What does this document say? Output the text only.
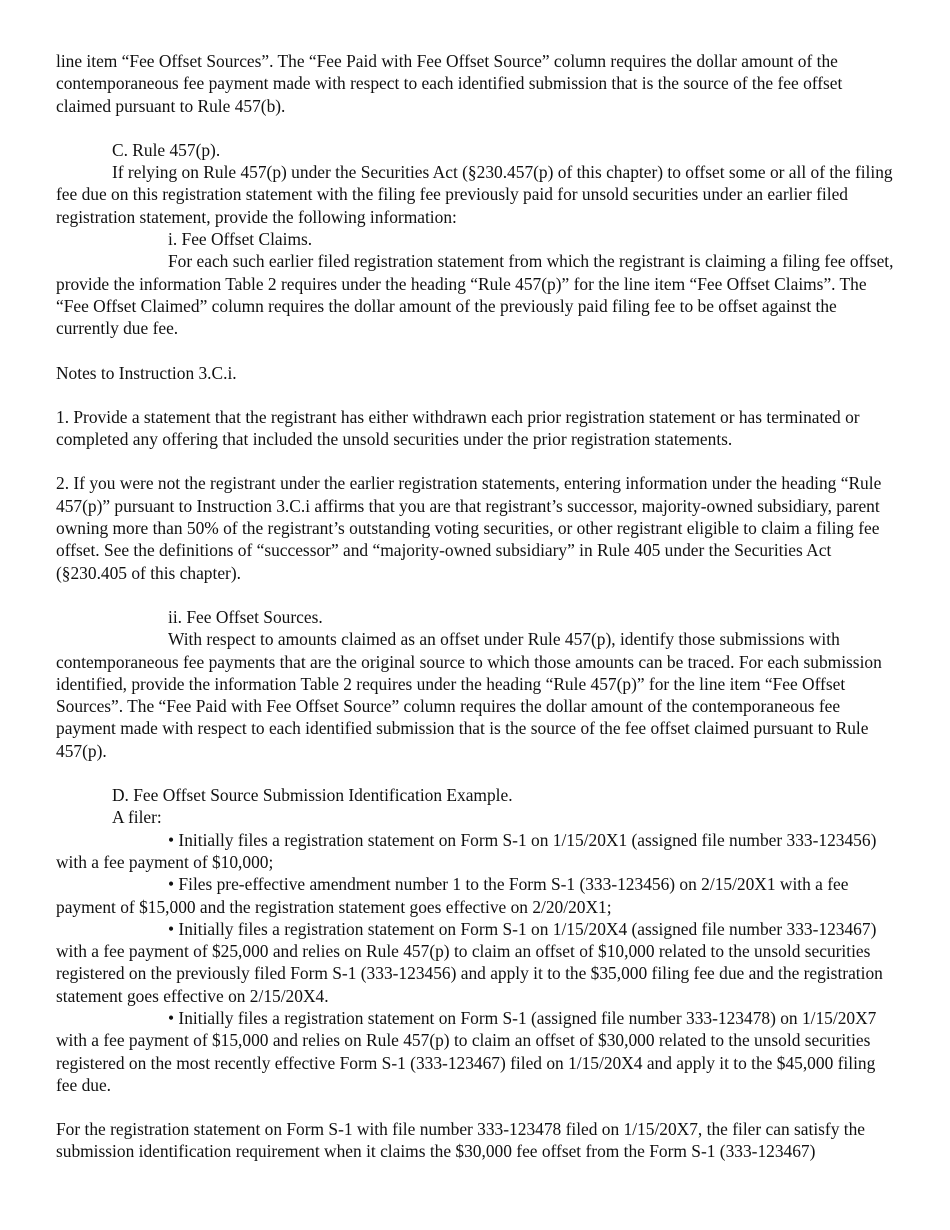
line item “Fee Offset Sources”. The “Fee Paid with Fee Offset Source” column requires the dollar amount of the contemporaneous fee payment made with respect to each identified submission that is the source of the fee offset claimed pursuant to Rule 457(b).

C. Rule 457(p).

If relying on Rule 457(p) under the Securities Act (§230.457(p) of this chapter) to offset some or all of the filing fee due on this registration statement with the filing fee previously paid for unsold securities under an earlier filed registration statement, provide the following information:

i. Fee Offset Claims.

For each such earlier filed registration statement from which the registrant is claiming a filing fee offset, provide the information Table 2 requires under the heading “Rule 457(p)” for the line item “Fee Offset Claims”. The “Fee Offset Claimed” column requires the dollar amount of the previously paid filing fee to be offset against the currently due fee.

Notes to Instruction 3.C.i.

1. Provide a statement that the registrant has either withdrawn each prior registration statement or has terminated or completed any offering that included the unsold securities under the prior registration statements.

2. If you were not the registrant under the earlier registration statements, entering information under the heading “Rule 457(p)” pursuant to Instruction 3.C.i affirms that you are that registrant’s successor, majority-owned subsidiary, parent owning more than 50% of the registrant’s outstanding voting securities, or other registrant eligible to claim a filing fee offset. See the definitions of “successor” and “majority-owned subsidiary” in Rule 405 under the Securities Act (§230.405 of this chapter).

ii. Fee Offset Sources.

With respect to amounts claimed as an offset under Rule 457(p), identify those submissions with contemporaneous fee payments that are the original source to which those amounts can be traced. For each submission identified, provide the information Table 2 requires under the heading “Rule 457(p)” for the line item “Fee Offset Sources”. The “Fee Paid with Fee Offset Source” column requires the dollar amount of the contemporaneous fee payment made with respect to each identified submission that is the source of the fee offset claimed pursuant to Rule 457(p).

D. Fee Offset Source Submission Identification Example.

A filer:

• Initially files a registration statement on Form S-1 on 1/15/20X1 (assigned file number 333-123456) with a fee payment of $10,000;

• Files pre-effective amendment number 1 to the Form S-1 (333-123456) on 2/15/20X1 with a fee payment of $15,000 and the registration statement goes effective on 2/20/20X1;

• Initially files a registration statement on Form S-1 on 1/15/20X4 (assigned file number 333-123467) with a fee payment of $25,000 and relies on Rule 457(p) to claim an offset of $10,000 related to the unsold securities registered on the previously filed Form S-1 (333-123456) and apply it to the $35,000 filing fee due and the registration statement goes effective on 2/15/20X4.

• Initially files a registration statement on Form S-1 (assigned file number 333-123478) on 1/15/20X7 with a fee payment of $15,000 and relies on Rule 457(p) to claim an offset of $30,000 related to the unsold securities registered on the most recently effective Form S-1 (333-123467) filed on 1/15/20X4 and apply it to the $45,000 filing fee due.

For the registration statement on Form S-1 with file number 333-123478 filed on 1/15/20X7, the filer can satisfy the submission identification requirement when it claims the $30,000 fee offset from the Form S-1 (333-123467)
